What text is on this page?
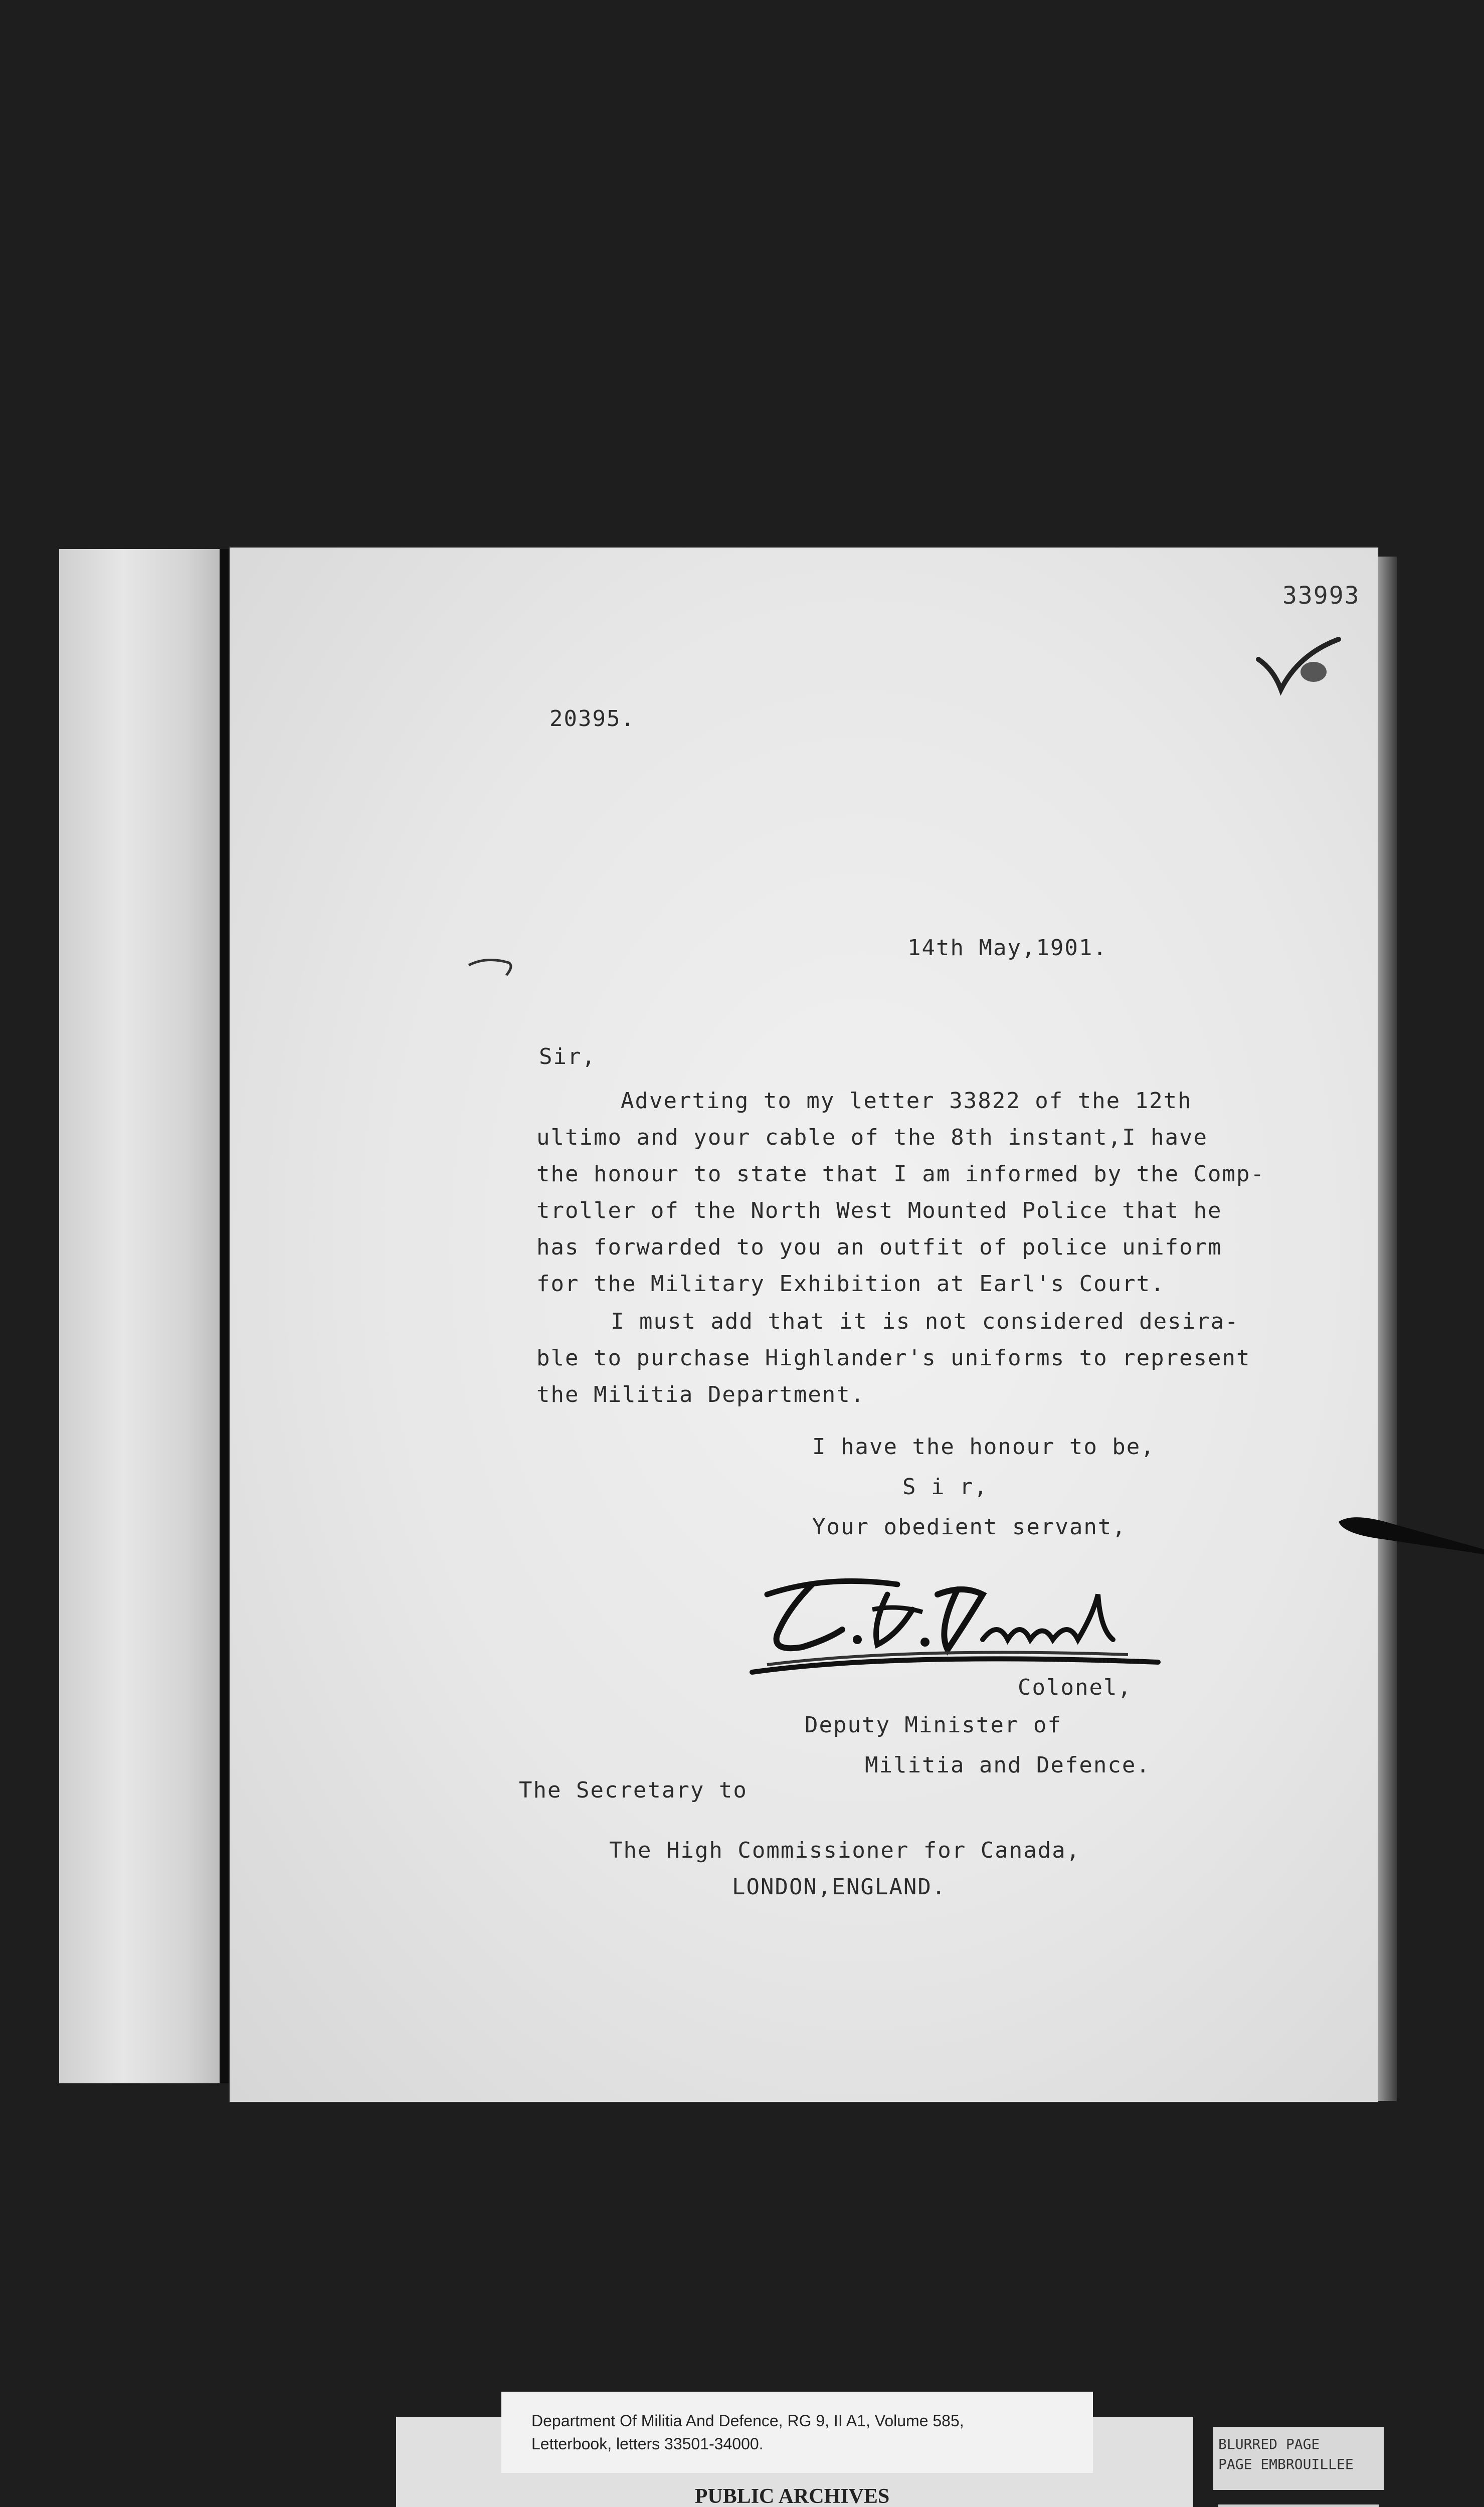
33993
20395.
14th May,1901.
Sir,
Adverting to my letter 33822 of the 12th
ultimo and your cable of the 8th instant,I have
the honour to state that I am informed by the Comp-
troller of the North West Mounted Police that he
has forwarded to you an outfit of police uniform
for the Military Exhibition at Earl's Court.
I must add that it is not considered desira-
ble to purchase Highlander's uniforms to represent
the Militia Department.
I have the honour to be,
S i r,
Your obedient servant,
Colonel,
Deputy Minister of
Militia and Defence.
The Secretary to
The High Commissioner for Canada,
LONDON,ENGLAND.
Department Of Militia And Defence, RG 9, II A1, Volume 585,
Letterbook, letters 33501-34000.
PUBLIC ARCHIVES
BLURRED PAGE
PAGE EMBROUILLEE
